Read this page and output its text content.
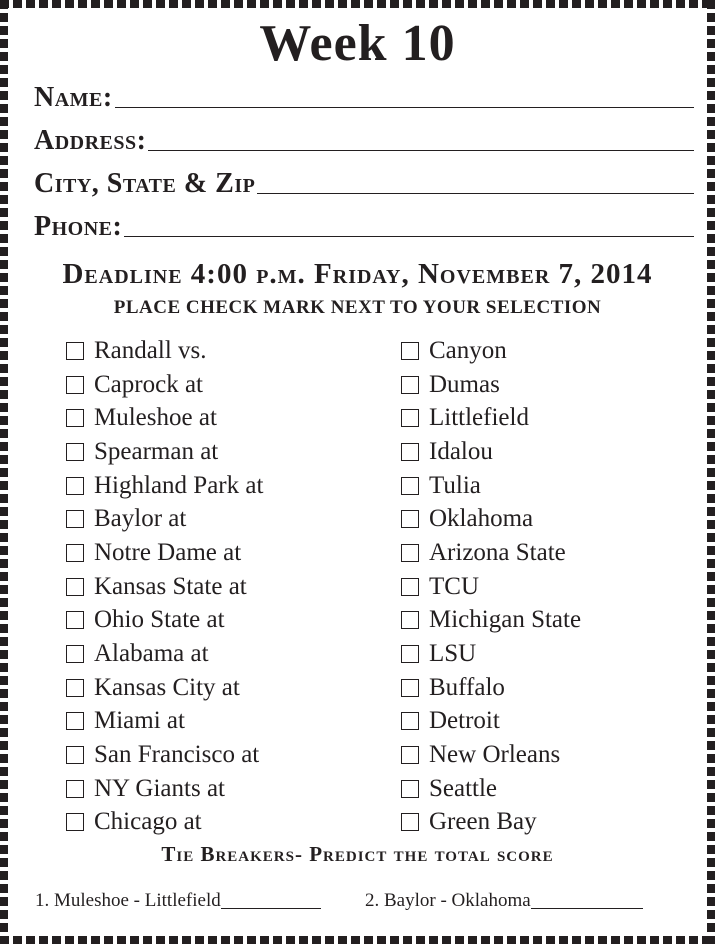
Week 10
Name:
Address:
City, State & Zip
Phone:
Deadline 4:00 p.m. Friday, November 7, 2014
PLACE CHECK MARK NEXT TO YOUR SELECTION
Randall vs.
Caprock at
Muleshoe at
Spearman at
Highland Park at
Baylor at
Notre Dame at
Kansas State at
Ohio State at
Alabama at
Kansas City at
Miami at
San Francisco at
NY Giants at
Chicago at
Canyon
Dumas
Littlefield
Idalou
Tulia
Oklahoma
Arizona State
TCU
Michigan State
LSU
Buffalo
Detroit
New Orleans
Seattle
Green Bay
Tie Breakers- Predict the total score
1. Muleshoe - Littlefield	2. Baylor - Oklahoma
